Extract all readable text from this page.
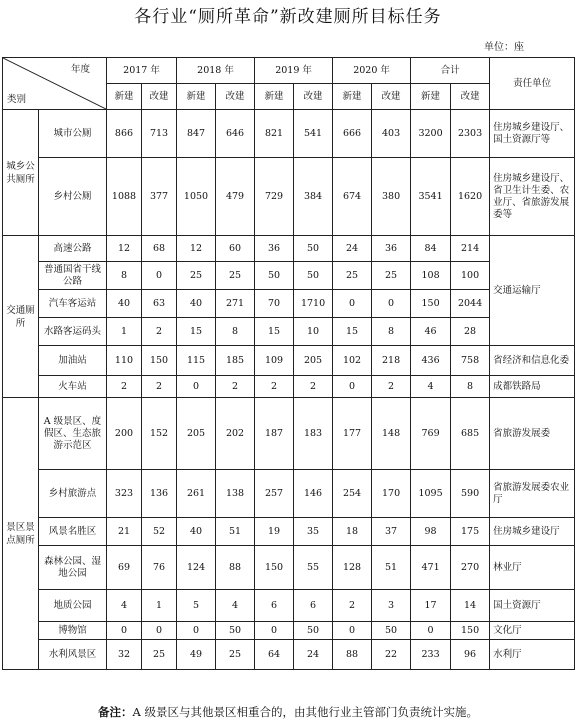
各行业“厕所革命”新改建厕所目标任务
单位：座
年度
类别		2017 年		2018 年		2019 年		2020 年		合计		责任单位
		新建	改建	新建	改建	新建	改建	新建	改建	新建	改建	
城乡公共厕所	城市公厕	866	713	847	646	821	541	666	403	3200	2303	住房城乡建设厅、国土资源厅等
	乡村公厕	1088	377	1050	479	729	384	674	380	3541	1620	住房城乡建设厅、省卫生计生委、农业厅、省旅游发展委等
交通厕所	高速公路	12	68	12	60	36	50	24	36	84	214	交通运输厅
	普通国省干线公路	8	0	25	25	50	50	25	25	108	100	
	汽车客运站	40	63	40	271	70	1710	0	0	150	2044	
	水路客运码头	1	2	15	8	15	10	15	8	46	28	
	加油站	110	150	115	185	109	205	102	218	436	758	省经济和信息化委
	火车站	2	2	0	2	2	2	0	2	4	8	成都铁路局
景区景点厕所	A 级景区、度假区、生态旅游示范区	200	152	205	202	187	183	177	148	769	685	省旅游发展委
	乡村旅游点	323	136	261	138	257	146	254	170	1095	590	省旅游发展委农业厅
	风景名胜区	21	52	40	51	19	35	18	37	98	175	住房城乡建设厅
	森林公园、湿地公园	69	76	124	88	150	55	128	51	471	270	林业厅
	地质公园	4	1	5	4	6	6	2	3	17	14	国土资源厅
	博物馆	0	0	0	50	0	50	0	50	0	150	文化厅
	水利风景区	32	25	49	25	64	24	88	22	233	96	水利厅
备注：A 级景区与其他景区相重合的，由其他行业主管部门负责统计实施。
